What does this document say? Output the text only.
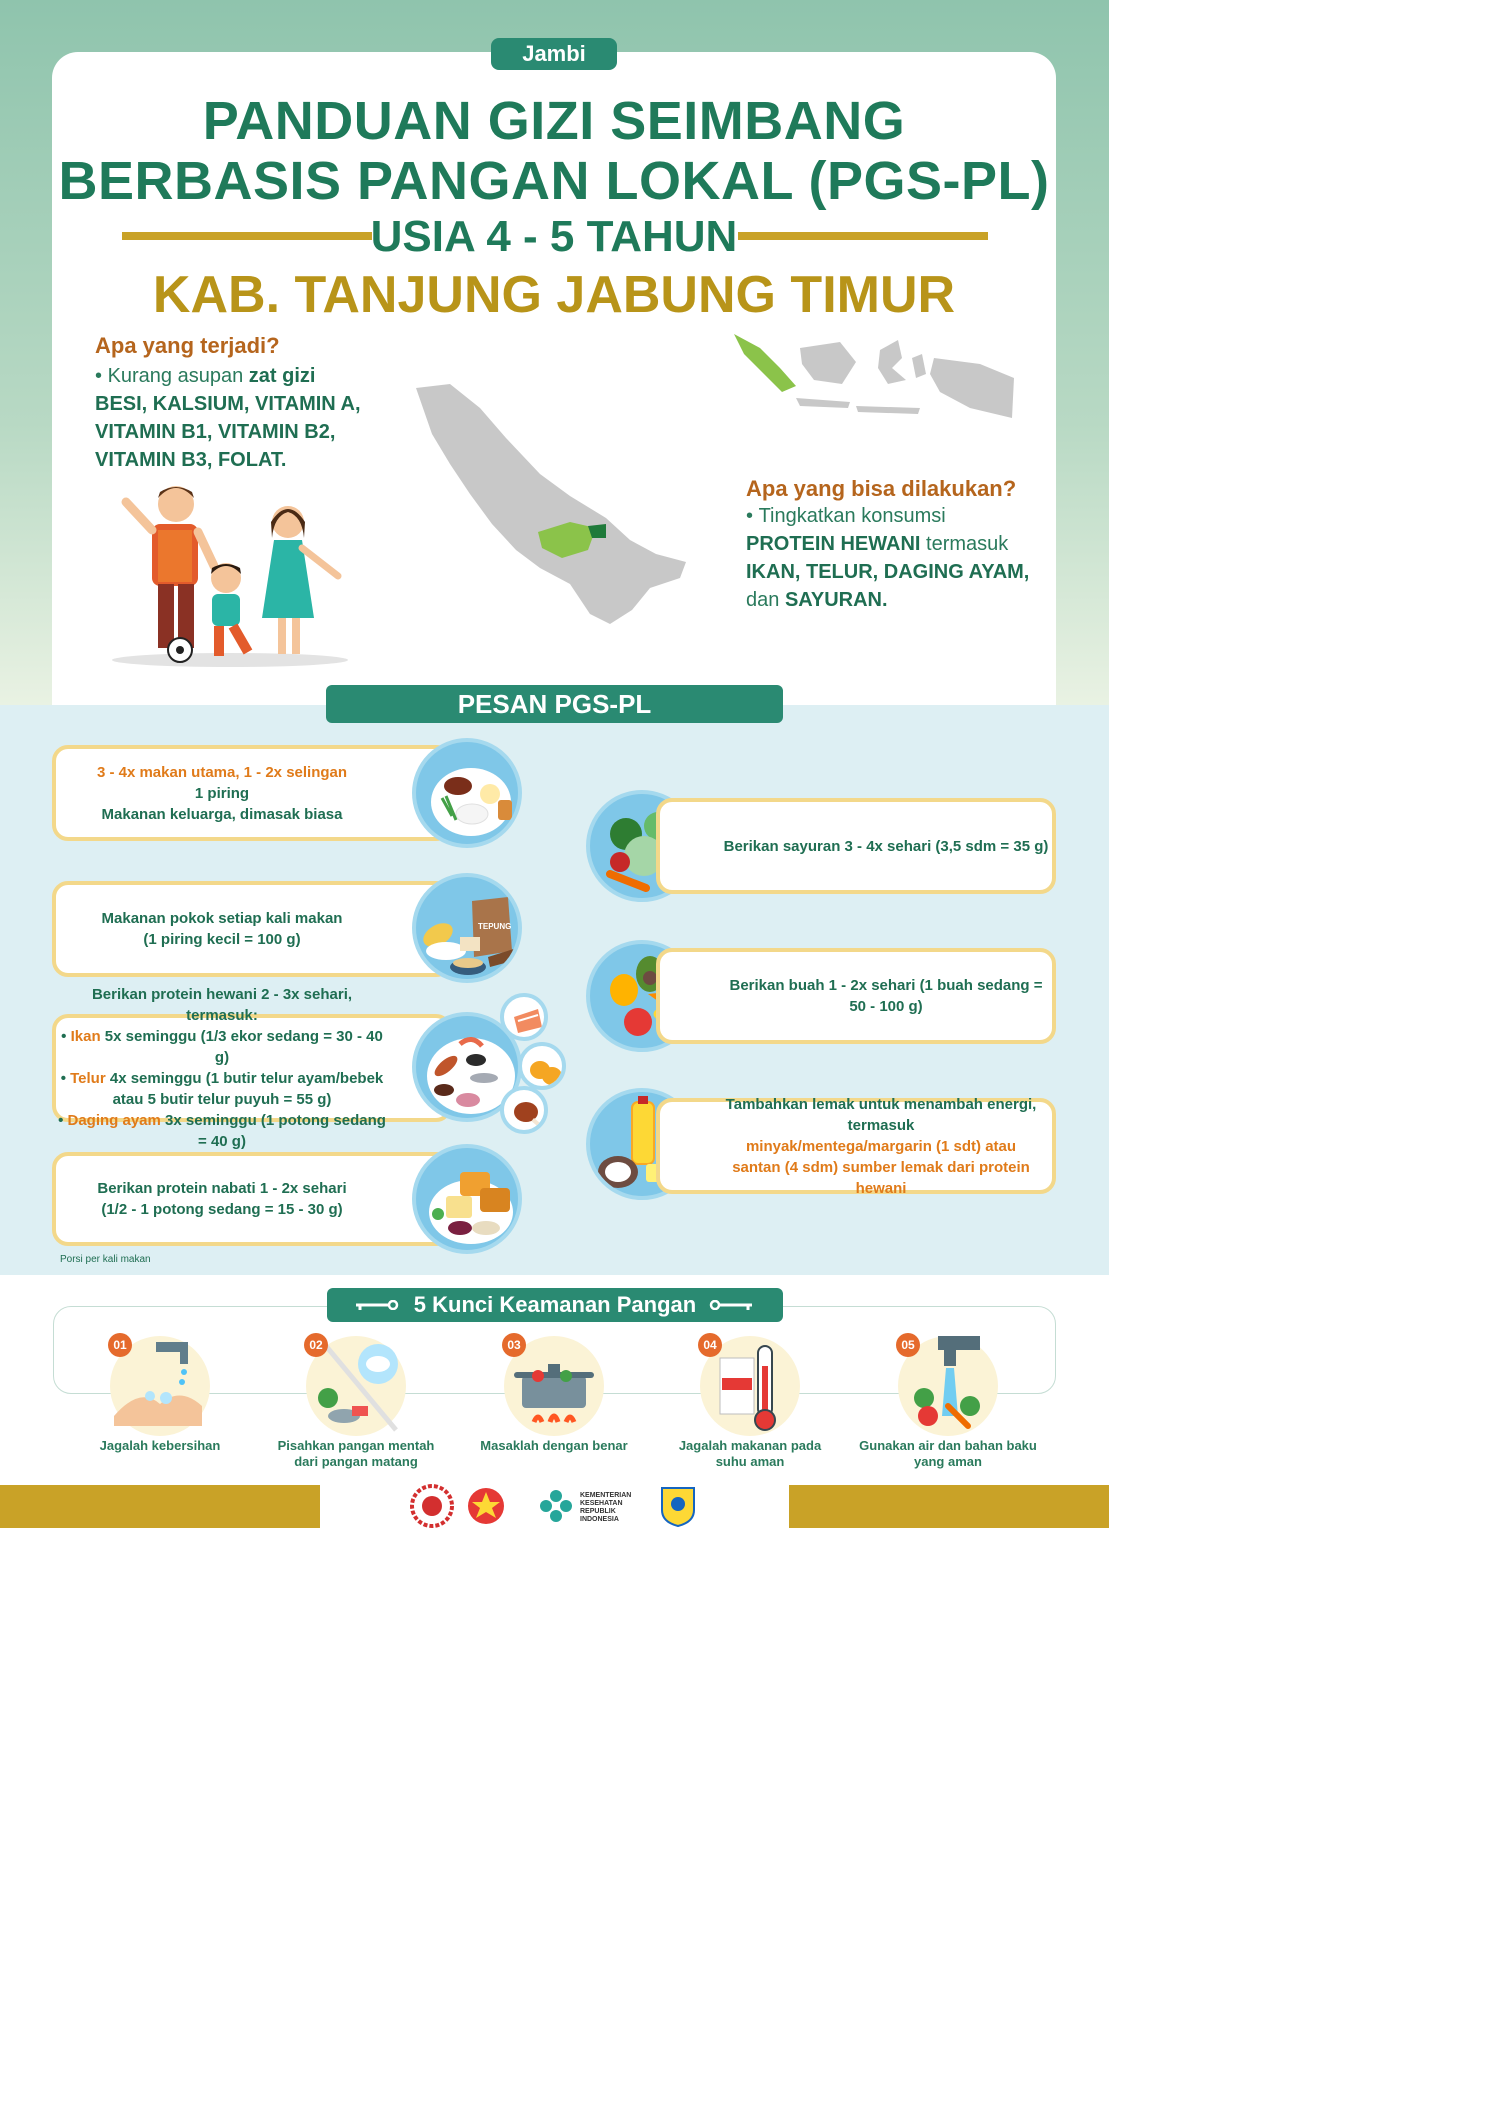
Jambi
PANDUAN GIZI SEIMBANG
BERBASIS PANGAN LOKAL (PGS-PL)
USIA 4 - 5 TAHUN
KAB. TANJUNG JABUNG TIMUR
Apa yang terjadi?
• Kurang asupan zat gizi BESI, KALSIUM, VITAMIN A, VITAMIN B1, VITAMIN B2, VITAMIN B3, FOLAT.
Apa yang bisa dilakukan?
• Tingkatkan konsumsi PROTEIN HEWANI termasuk IKAN, TELUR, DAGING AYAM, dan SAYURAN.
PESAN PGS-PL
3 - 4x makan utama, 1 - 2x selingan
1 piring
Makanan keluarga, dimasak biasa
Makanan pokok setiap kali makan
(1 piring kecil = 100 g)
TEPUNG
Berikan protein hewani 2 - 3x sehari, termasuk:
• Ikan 5x seminggu (1/3 ekor sedang = 30 - 40 g)
• Telur 4x seminggu (1 butir telur ayam/bebek
atau 5 butir telur puyuh = 55 g)
• Daging ayam 3x seminggu (1 potong sedang = 40 g)
Berikan protein nabati 1 - 2x sehari
(1/2 - 1 potong sedang = 15 - 30 g)
Berikan sayuran 3 - 4x sehari (3,5 sdm = 35 g)
Berikan buah 1 - 2x sehari (1 buah sedang = 50 - 100 g)
Tambahkan lemak untuk menambah energi, termasuk
minyak/mentega/margarin (1 sdt) atau
santan (4 sdm) sumber lemak dari protein hewani
Porsi per kali makan
5 Kunci Keamanan Pangan
01
Jagalah kebersihan
02
Pisahkan pangan mentah
dari pangan matang
03
Masaklah dengan benar
04
Jagalah makanan pada
suhu aman
05
Gunakan air dan bahan baku
yang aman
KEMENTERIAN
KESEHATAN
REPUBLIK
INDONESIA
